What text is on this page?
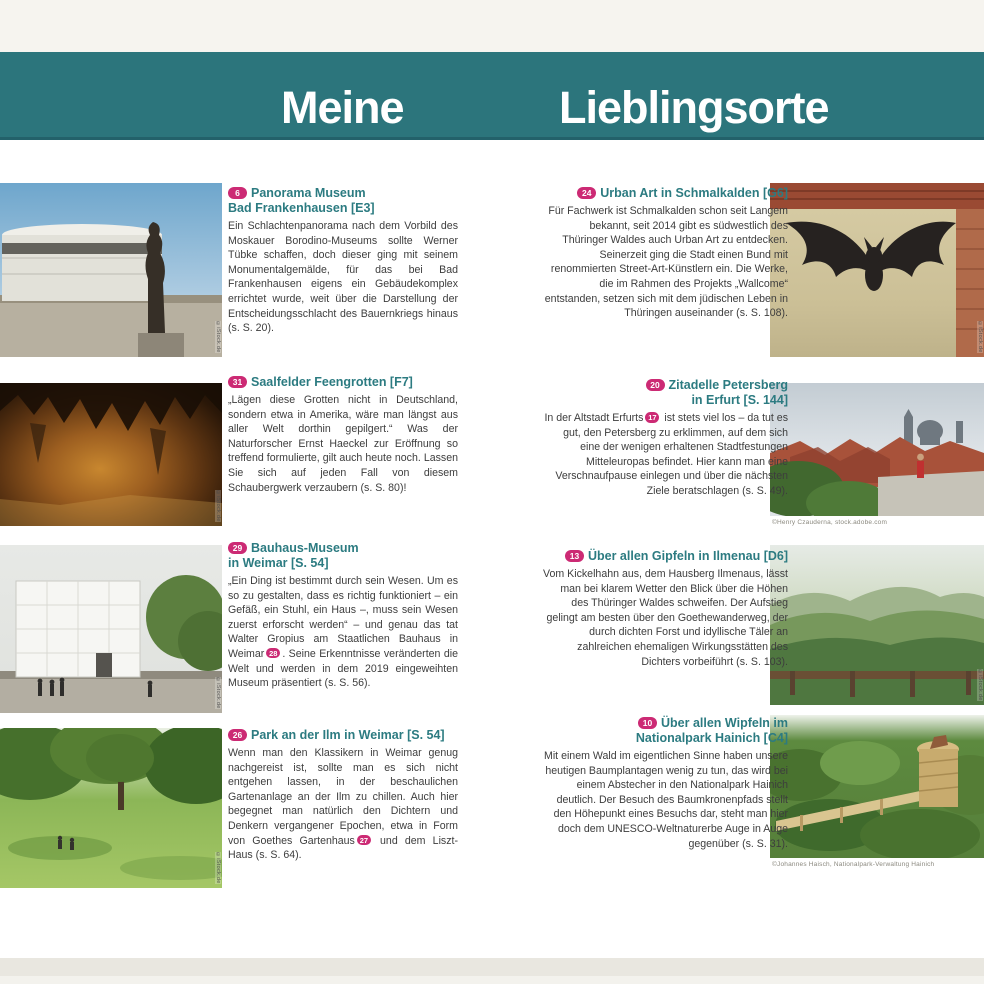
Meine	Lieblingsorte
©iStock.de
©iStock.de
©iStock.de
©iStock.de
©iStock.de
©Henry Czauderna, stock.adobe.com
©iStock.de
©Johannes Haisch, Nationalpark-Verwaltung Hainich
6 Panorama Museum
Bad Frankenhausen [E3]

Ein Schlachtenpanorama nach dem Vorbild des Moskauer Borodino-Museums sollte Werner Tübke schaffen, doch dieser ging mit seinem Monumentalgemälde, für das bei Bad Frankenhausen eigens ein Gebäudekomplex errichtet wurde, weit über die Darstellung der Entscheidungsschlacht des Bauernkriegs hinaus (s. S. 20).

31 Saalfelder Feengrotten [F7]

„Lägen diese Grotten nicht in Deutschland, sondern etwa in Amerika, wäre man längst aus aller Welt dorthin gepilgert.“ Was der Naturforscher Ernst Haeckel zur Eröffnung so treffend formulierte, gilt auch heute noch. Lassen Sie sich auf jeden Fall von diesem Schaubergwerk verzaubern (s. S. 80)!

29 Bauhaus-Museum
in Weimar [S. 54]

„Ein Ding ist bestimmt durch sein Wesen. Um es so zu gestalten, dass es richtig funktioniert – ein Gefäß, ein Stuhl, ein Haus –, muss sein Wesen zuerst erforscht werden“ – und genau das tat Walter Gropius am Staatlichen Bauhaus in Weimar 28 . Seine Erkenntnisse veränderten die Welt und werden in dem 2019 eingeweihten Museum präsentiert (s. S. 56).

26 Park an der Ilm in Weimar [S. 54]

Wenn man den Klassikern in Weimar genug nachgereist ist, sollte man es sich nicht entgehen lassen, in der beschaulichen Gartenanlage an der Ilm zu chillen. Auch hier begegnet man natürlich den Dichtern und Denkern vergangener Epochen, etwa in Form von Goethes Gartenhaus 27 und dem Liszt-Haus (s. S. 64).

24 Urban Art in Schmalkalden [G6]

Für Fachwerk ist Schmalkalden schon seit Langem bekannt, seit 2014 gibt es südwestlich des Thüringer Waldes auch Urban Art zu entdecken. Seinerzeit ging die Stadt einen Bund mit renommierten Street-Art-Künstlern ein. Die Werke, die im Rahmen des Projekts „Wallcome“ entstanden, setzen sich mit dem jüdischen Leben in Thüringen auseinander (s. S. 108).

20 Zitadelle Petersberg
in Erfurt [S. 144]

In der Altstadt Erfurts 17 ist stets viel los – da tut es gut, den Petersberg zu erklimmen, auf dem sich eine der wenigen erhaltenen Stadtfestungen Mitteleuropas befindet. Hier kann man eine Verschnaufpause einlegen und über die nächsten Ziele beratschlagen (s. S. 49).

13 Über allen Gipfeln in Ilmenau [D6]

Vom Kickelhahn aus, dem Hausberg Ilmenaus, lässt man bei klarem Wetter den Blick über die Höhen des Thüringer Waldes schweifen. Der Aufstieg gelingt am besten über den Goethewanderweg, der durch dichten Forst und idyllische Täler an zahlreichen ehemaligen Wirkungsstätten des Dichters vorbeiführt (s. S. 103).

10 Über allen Wipfeln im
Nationalpark Hainich [C4]

Mit einem Wald im eigentlichen Sinne haben unsere heutigen Baumplantagen wenig zu tun, das wird bei einem Abstecher in den Nationalpark Hainich deutlich. Der Besuch des Baumkronenpfads stellt den Höhepunkt eines Besuchs dar, steht man hier doch dem UNESCO-Weltnaturerbe Auge in Auge gegenüber (s. S. 31).
